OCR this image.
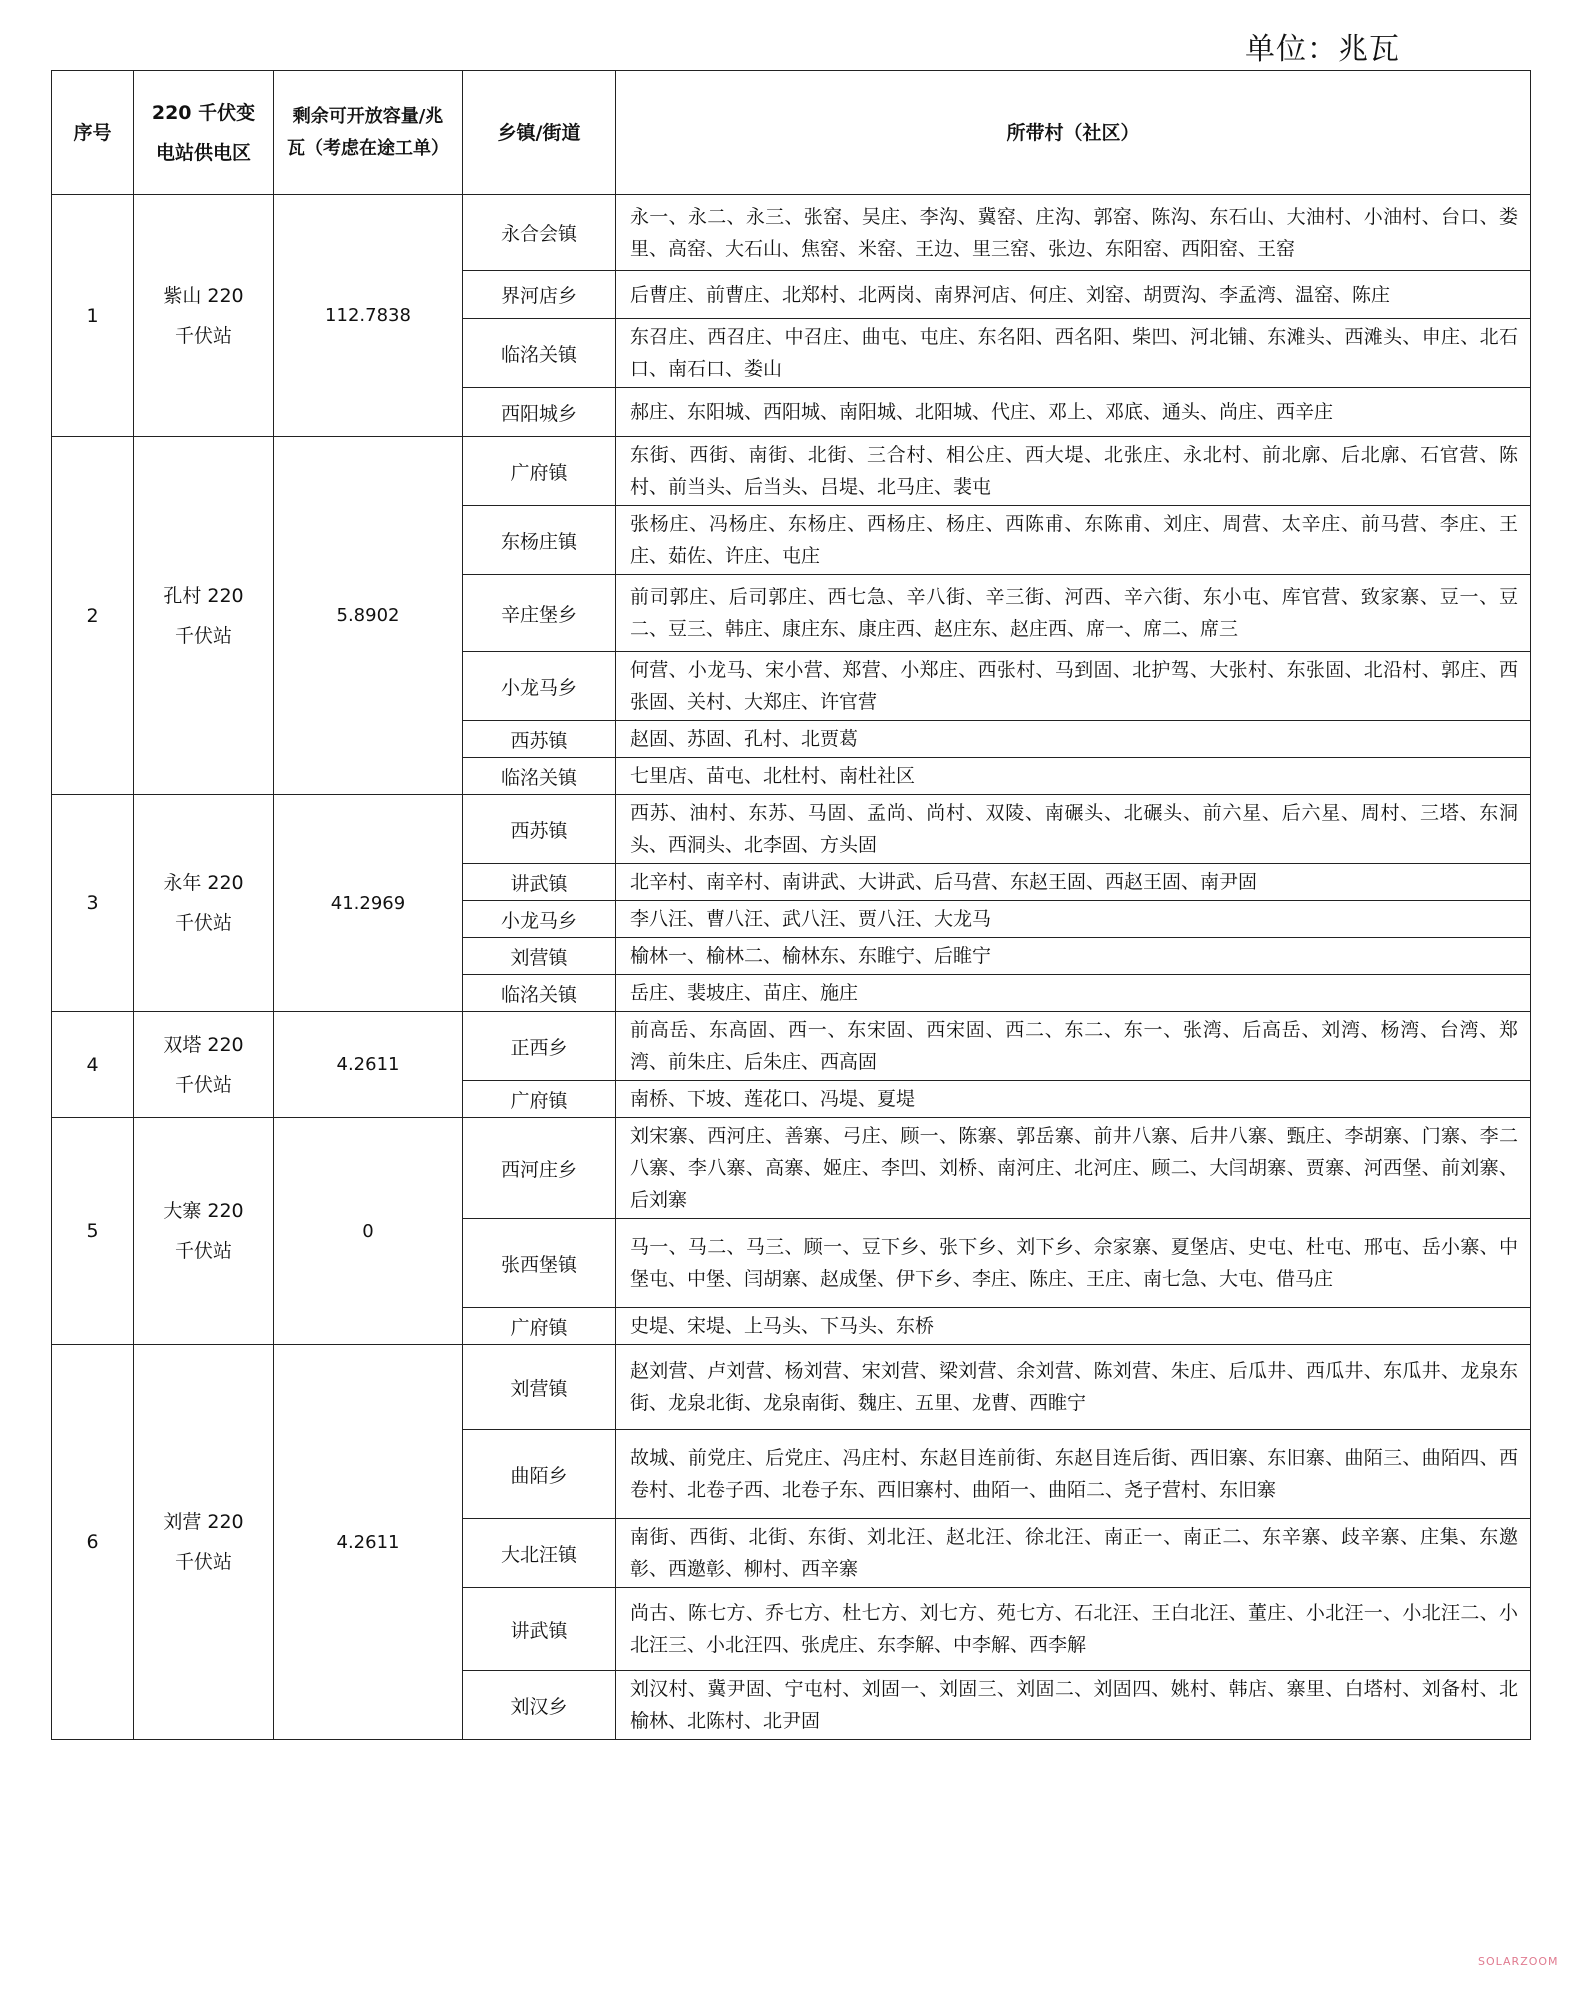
单位：兆瓦
序号	220 千伏变电站供电区	剩余可开放容量/兆瓦（考虑在途工单）	乡镇/街道	所带村（社区）
1	紫山 220 千伏站	112.7838	永合会镇	永一、永二、永三、张窑、吴庄、李沟、冀窑、庄沟、郭窑、陈沟、东石山、大油村、小油村、台口、娄里、高窑、大石山、焦窑、米窑、王边、里三窑、张边、东阳窑、西阳窑、王窑
			界河店乡	后曹庄、前曹庄、北郑村、北两岗、南界河店、何庄、刘窑、胡贾沟、李孟湾、温窑、陈庄
			临洺关镇	东召庄、西召庄、中召庄、曲屯、屯庄、东名阳、西名阳、柴凹、河北铺、东滩头、西滩头、申庄、北石口、南石口、娄山
			西阳城乡	郝庄、东阳城、西阳城、南阳城、北阳城、代庄、邓上、邓底、通头、尚庄、西辛庄
2	孔村 220 千伏站	5.8902	广府镇	东街、西街、南街、北街、三合村、相公庄、西大堤、北张庄、永北村、前北廓、后北廓、石官营、陈村、前当头、后当头、吕堤、北马庄、裴屯
			东杨庄镇	张杨庄、冯杨庄、东杨庄、西杨庄、杨庄、西陈甫、东陈甫、刘庄、周营、太辛庄、前马营、李庄、王庄、茹佐、许庄、屯庄
			辛庄堡乡	前司郭庄、后司郭庄、西七急、辛八街、辛三街、河西、辛六街、东小屯、库官营、致家寨、豆一、豆二、豆三、韩庄、康庄东、康庄西、赵庄东、赵庄西、席一、席二、席三
			小龙马乡	何营、小龙马、宋小营、郑营、小郑庄、西张村、马到固、北护驾、大张村、东张固、北沿村、郭庄、西张固、关村、大郑庄、许官营
			西苏镇	赵固、苏固、孔村、北贾葛
			临洺关镇	七里店、苗屯、北杜村、南杜社区
3	永年 220 千伏站	41.2969	西苏镇	西苏、油村、东苏、马固、孟尚、尚村、双陵、南碾头、北碾头、前六星、后六星、周村、三塔、东洞头、西洞头、北李固、方头固
			讲武镇	北辛村、南辛村、南讲武、大讲武、后马营、东赵王固、西赵王固、南尹固
			小龙马乡	李八汪、曹八汪、武八汪、贾八汪、大龙马
			刘营镇	榆林一、榆林二、榆林东、东睢宁、后睢宁
			临洺关镇	岳庄、裴坡庄、苗庄、施庄
4	双塔 220 千伏站	4.2611	正西乡	前高岳、东高固、西一、东宋固、西宋固、西二、东二、东一、张湾、后高岳、刘湾、杨湾、台湾、郑湾、前朱庄、后朱庄、西高固
			广府镇	南桥、下坡、莲花口、冯堤、夏堤
5	大寨 220 千伏站	0	西河庄乡	刘宋寨、西河庄、善寨、弓庄、顾一、陈寨、郭岳寨、前井八寨、后井八寨、甄庄、李胡寨、门寨、李二八寨、李八寨、高寨、姬庄、李凹、刘桥、南河庄、北河庄、顾二、大闫胡寨、贾寨、河西堡、前刘寨、后刘寨
			张西堡镇	马一、马二、马三、顾一、豆下乡、张下乡、刘下乡、佘家寨、夏堡店、史屯、杜屯、邢屯、岳小寨、中堡屯、中堡、闫胡寨、赵成堡、伊下乡、李庄、陈庄、王庄、南七急、大屯、借马庄
			广府镇	史堤、宋堤、上马头、下马头、东桥
6	刘营 220 千伏站	4.2611	刘营镇	赵刘营、卢刘营、杨刘营、宋刘营、梁刘营、余刘营、陈刘营、朱庄、后瓜井、西瓜井、东瓜井、龙泉东街、龙泉北街、龙泉南街、魏庄、五里、龙曹、西睢宁
			曲陌乡	故城、前党庄、后党庄、冯庄村、东赵目连前街、东赵目连后街、西旧寨、东旧寨、曲陌三、曲陌四、西卷村、北卷子西、北卷子东、西旧寨村、曲陌一、曲陌二、尧子营村、东旧寨
			大北汪镇	南街、西街、北街、东街、刘北汪、赵北汪、徐北汪、南正一、南正二、东辛寨、歧辛寨、庄集、东邀彰、西邀彰、柳村、西辛寨
			讲武镇	尚古、陈七方、乔七方、杜七方、刘七方、苑七方、石北汪、王白北汪、董庄、小北汪一、小北汪二、小北汪三、小北汪四、张虎庄、东李解、中李解、西李解
			刘汉乡	刘汉村、冀尹固、宁屯村、刘固一、刘固三、刘固二、刘固四、姚村、韩店、寨里、白塔村、刘备村、北榆林、北陈村、北尹固
SOLARZOOM
